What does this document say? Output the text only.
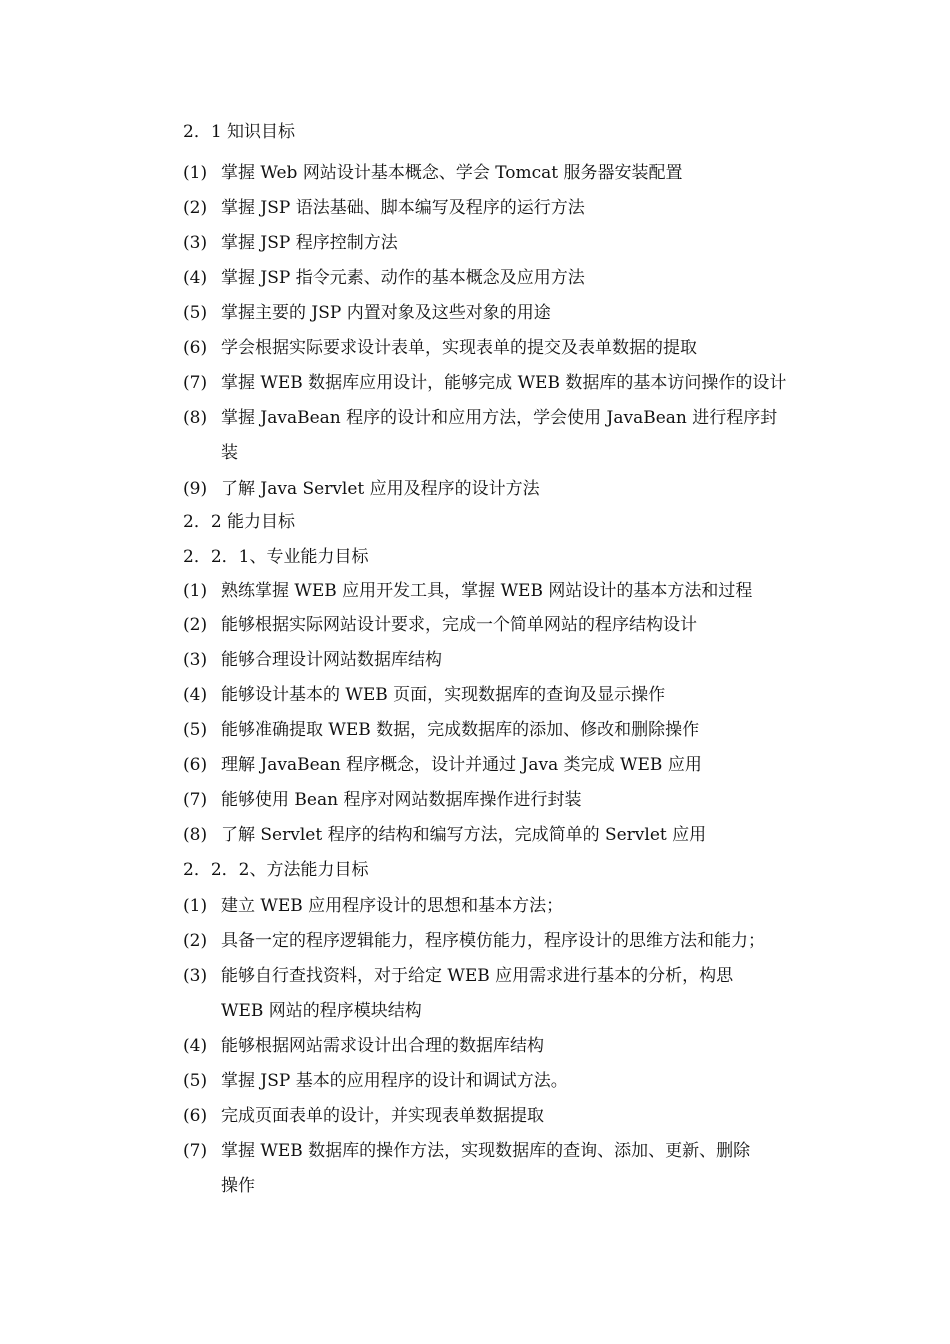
2．1 知识目标
(1) 掌握 Web 网站设计基本概念、学会 Tomcat 服务器安装配置
(2) 掌握 JSP 语法基础、脚本编写及程序的运行方法
(3) 掌握 JSP 程序控制方法
(4) 掌握 JSP 指令元素、动作的基本概念及应用方法
(5) 掌握主要的 JSP 内置对象及这些对象的用途
(6) 学会根据实际要求设计表单，实现表单的提交及表单数据的提取
(7) 掌握 WEB 数据库应用设计，能够完成 WEB 数据库的基本访问操作的设计
(8) 掌握 JavaBean 程序的设计和应用方法，学会使用 JavaBean 进行程序封
装
(9) 了解 Java Servlet 应用及程序的设计方法
2．2 能力目标
2．2．1、专业能力目标
(1) 熟练掌握 WEB 应用开发工具，掌握 WEB 网站设计的基本方法和过程
(2) 能够根据实际网站设计要求，完成一个简单网站的程序结构设计
(3) 能够合理设计网站数据库结构
(4) 能够设计基本的 WEB 页面，实现数据库的查询及显示操作
(5) 能够准确提取 WEB 数据，完成数据库的添加、修改和删除操作
(6) 理解 JavaBean 程序概念，设计并通过 Java 类完成 WEB 应用
(7) 能够使用 Bean 程序对网站数据库操作进行封装
(8) 了解 Servlet 程序的结构和编写方法，完成简单的 Servlet 应用
2．2．2、方法能力目标
(1) 建立 WEB 应用程序设计的思想和基本方法；
(2) 具备一定的程序逻辑能力，程序模仿能力，程序设计的思维方法和能力；
(3) 能够自行查找资料，对于给定 WEB 应用需求进行基本的分析，构思
WEB 网站的程序模块结构
(4) 能够根据网站需求设计出合理的数据库结构
(5) 掌握 JSP 基本的应用程序的设计和调试方法。
(6) 完成页面表单的设计，并实现表单数据提取
(7) 掌握 WEB 数据库的操作方法，实现数据库的查询、添加、更新、删除
操作
